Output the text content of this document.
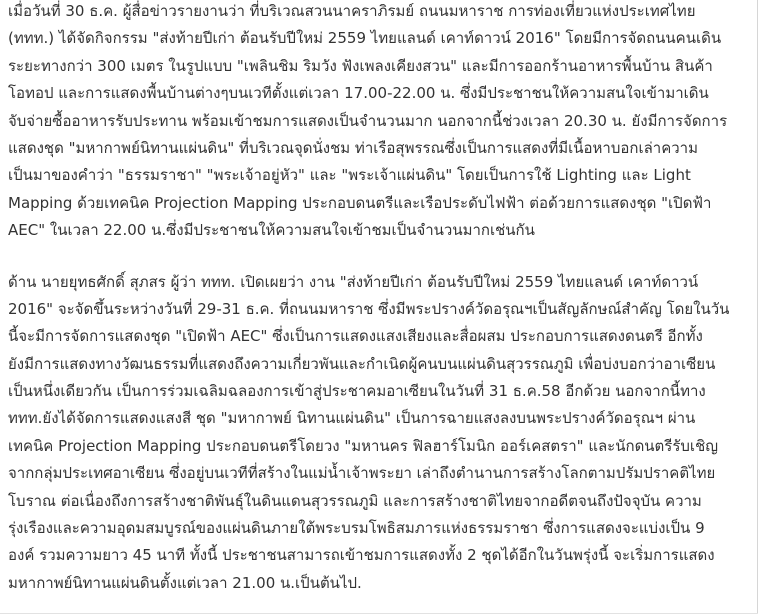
เมื่อวันที่ 30 ธ.ค. ผู้สื่อข่าวรายงานว่า ที่บริเวณสวนนาคราภิรมย์ ถนนมหาราช การท่องเที่ยวแห่งประเทศไทย
(ททท.) ได้จัดกิจกรรม "ส่งท้ายปีเก่า ต้อนรับปีใหม่ 2559 ไทยแลนด์ เคาท์ดาวน์ 2016" โดยมีการจัดถนนคนเดิน
ระยะทางกว่า 300 เมตร ในรูปแบบ "เพลินชิม ริมวัง ฟังเพลงเคียงสวน" และมีการออกร้านอาหารพื้นบ้าน สินค้า
โอทอป และการแสดงพื้นบ้านต่างๆบนเวทีตั้งแต่เวลา 17.00-22.00 น. ซึ่งมีประชาชนให้ความสนใจเข้ามาเดิน
จับจ่ายซื้ออาหารรับประทาน พร้อมเข้าชมการแสดงเป็นจำนวนมาก นอกจากนี้ช่วงเวลา 20.30 น. ยังมีการจัดการ
แสดงชุด "มหากาพย์นิทานแผ่นดิน" ที่บริเวณจุดนั่งชม ท่าเรือสุพรรณซึ่งเป็นการแสดงที่มีเนื้อหาบอกเล่าความ
เป็นมาของคำว่า "ธรรมราชา" "พระเจ้าอยู่หัว" และ "พระเจ้าแผ่นดิน" โดยเป็นการใช้ Lighting และ Light
Mapping ด้วยเทคนิค Projection Mapping ประกอบดนตรีและเรือประดับไฟฟ้า ต่อด้วยการแสดงชุด "เปิดฟ้า
AEC" ในเวลา 22.00 น.ซึ่งมีประชาชนให้ความสนใจเข้าชมเป็นจำนวนมากเช่นกัน

ด้าน นายยุทธศักดิ์ สุภสร ผู้ว่า ททท. เปิดเผยว่า งาน "ส่งท้ายปีเก่า ต้อนรับปีใหม่ 2559 ไทยแลนด์ เคาท์ดาวน์
2016" จะจัดขึ้นระหว่างวันที่ 29-31 ธ.ค. ที่ถนนมหาราช ซึ่งมีพระปรางค์วัดอรุณฯเป็นสัญลักษณ์สำคัญ โดยในวัน
นี้จะมีการจัดการแสดงชุด "เปิดฟ้า AEC" ซึ่งเป็นการแสดงแสงเสียงและสื่อผสม ประกอบการแสดงดนตรี อีกทั้ง
ยังมีการแสดงทางวัฒนธรรมที่แสดงถึงความเกี่ยวพันและกำเนิดผู้คนบนแผ่นดินสุวรรณภูมิ เพื่อบ่งบอกว่าอาเซียน
เป็นหนึ่งเดียวกัน เป็นการร่วมเฉลิมฉลองการเข้าสู่ประชาคมอาเซียนในวันที่ 31 ธ.ค.58 อีกด้วย นอกจากนี้ทาง
ททท.ยังได้จัดการแสดงแสงสี ชุด "มหากาพย์ นิทานแผ่นดิน" เป็นการฉายแสงลงบนพระปรางค์วัดอรุณฯ ผ่าน
เทคนิค Projection Mapping ประกอบดนตรีโดยวง "มหานคร ฟิลฮาร์โมนิก ออร์เคสตรา" และนักดนตรีรับเชิญ
จากกลุ่มประเทศอาเซียน ซึ่งอยู่บนเวทีที่สร้างในแม่น้ำเจ้าพระยา เล่าถึงตำนานการสร้างโลกตามปรัมปราคติไทย
โบราณ ต่อเนื่องถึงการสร้างชาติพันธุ์ในดินแดนสุวรรณภูมิ และการสร้างชาติไทยจากอดีตจนถึงปัจจุบัน ความ
รุ่งเรืองและความอุดมสมบูรณ์ของแผ่นดินภายใต้พระบรมโพธิสมภารแห่งธรรมราชา ซึ่งการแสดงจะแบ่งเป็น 9
องค์ รวมความยาว 45 นาที ทั้งนี้ ประชาชนสามารถเข้าชมการแสดงทั้ง 2 ชุดได้อีกในวันพรุ่งนี้ จะเริ่มการแสดง
มหากาพย์นิทานแผ่นดินตั้งแต่เวลา 21.00 น.เป็นต้นไป.
